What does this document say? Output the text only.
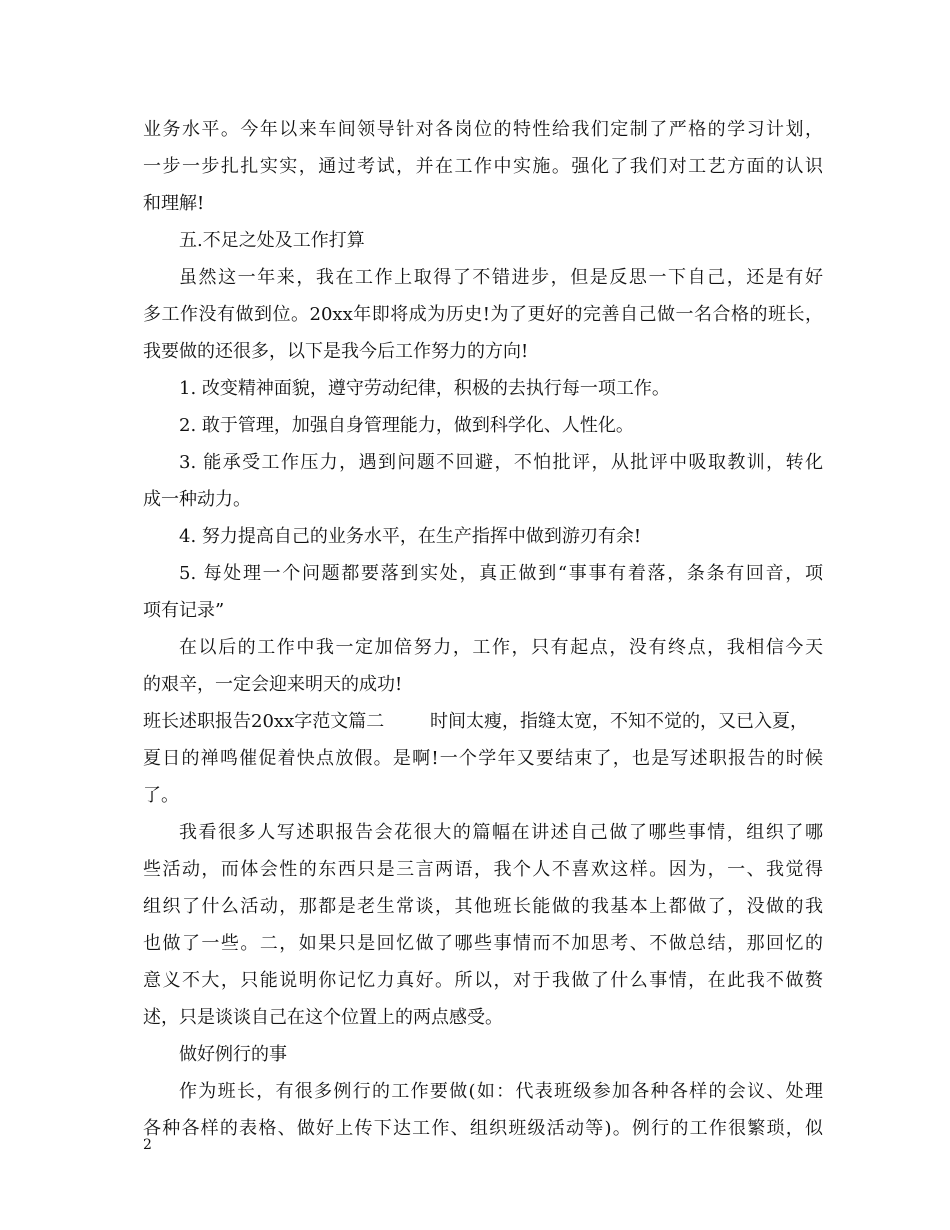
业务水平。今年以来车间领导针对各岗位的特性给我们定制了严格的学习计划，
一步一步扎扎实实，通过考试，并在工作中实施。强化了我们对工艺方面的认识
和理解!
五.不足之处及工作打算
虽然这一年来，我在工作上取得了不错进步，但是反思一下自己，还是有好
多工作没有做到位。20xx年即将成为历史!为了更好的完善自己做一名合格的班长，
我要做的还很多，以下是我今后工作努力的方向!
1. 改变精神面貌，遵守劳动纪律，积极的去执行每一项工作。
2. 敢于管理，加强自身管理能力，做到科学化、人性化。
3. 能承受工作压力，遇到问题不回避，不怕批评，从批评中吸取教训，转化
成一种动力。
4. 努力提高自己的业务水平，在生产指挥中做到游刃有余!
5. 每处理一个问题都要落到实处，真正做到“事事有着落，条条有回音，项
项有记录”
在以后的工作中我一定加倍努力，工作，只有起点，没有终点，我相信今天
的艰辛，一定会迎来明天的成功!
班长述职报告20xx字范文篇二        时间太瘦，指缝太宽，不知不觉的，又已入夏，
夏日的禅鸣催促着快点放假。是啊!一个学年又要结束了，也是写述职报告的时候
了。
我看很多人写述职报告会花很大的篇幅在讲述自己做了哪些事情，组织了哪
些活动，而体会性的东西只是三言两语，我个人不喜欢这样。因为，一、我觉得
组织了什么活动，那都是老生常谈，其他班长能做的我基本上都做了，没做的我
也做了一些。二，如果只是回忆做了哪些事情而不加思考、不做总结，那回忆的
意义不大，只能说明你记忆力真好。所以，对于我做了什么事情，在此我不做赘
述，只是谈谈自己在这个位置上的两点感受。
做好例行的事
作为班长，有很多例行的工作要做(如：代表班级参加各种各样的会议、处理
各种各样的表格、做好上传下达工作、组织班级活动等)。例行的工作很繁琐，似
2
